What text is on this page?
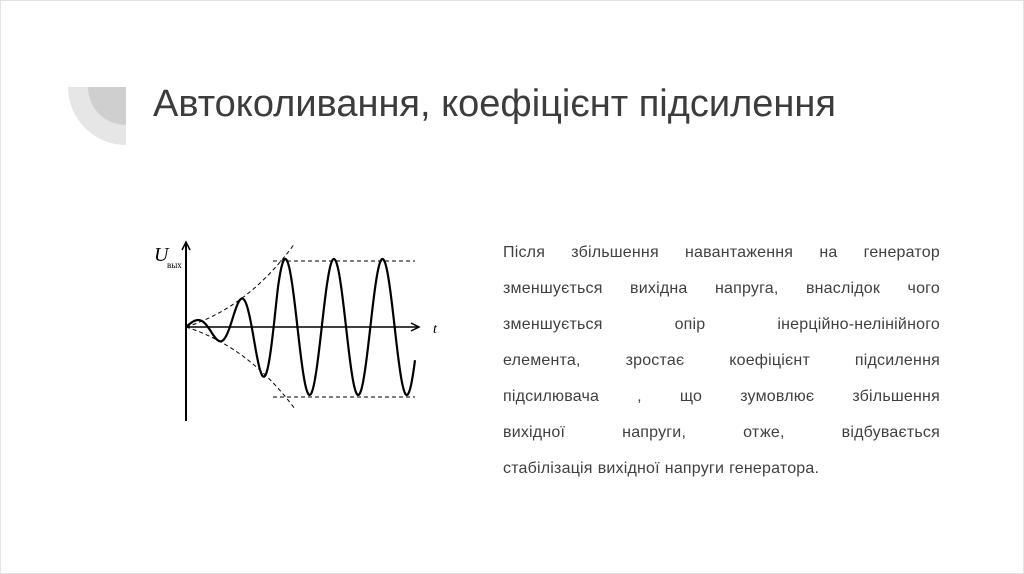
Автоколивання, коефіцієнт підсилення
U
вых
t
Після збільшення навантаження на генератор
зменшується вихідна напруга, внаслідок чого
зменшується	опір	інерційно-нелінійного
елемента,	зростає	коефіцієнт	підсилення
підсилювача , що зумовлює збільшення
вихідної	напруги,	отже,	відбувається
стабілізація вихідної напруги генератора.
